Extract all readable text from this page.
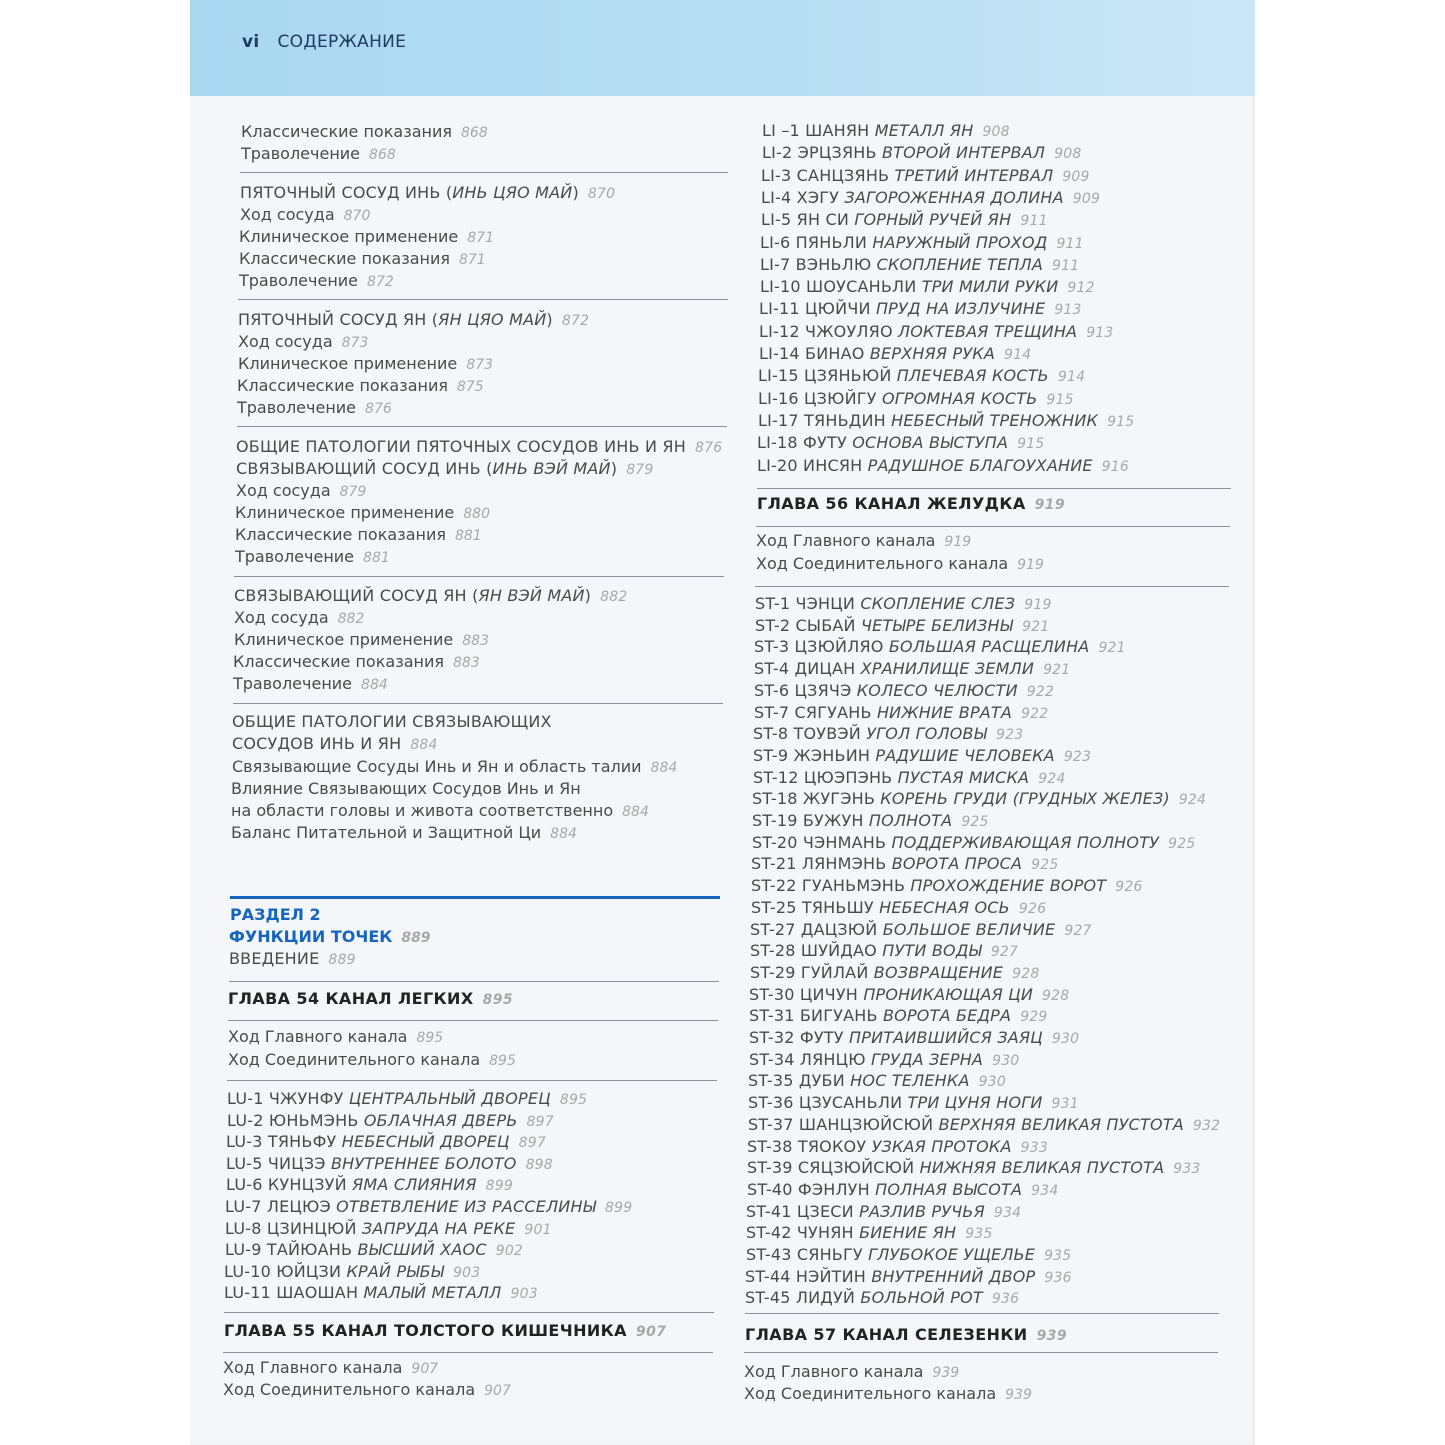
vi СОДЕРЖАНИЕ
Классические показания 868
Траволечение 868
ПЯТОЧНЫЙ СОСУД ИНЬ (ИНЬ ЦЯО МАЙ) 870
Ход сосуда 870
Клиническое применение 871
Классические показания 871
Траволечение 872
ПЯТОЧНЫЙ СОСУД ЯН (ЯН ЦЯО МАЙ) 872
Ход сосуда 873
Клиническое применение 873
Классические показания 875
Траволечение 876
ОБЩИЕ ПАТОЛОГИИ ПЯТОЧНЫХ СОСУДОВ ИНЬ И ЯН 876
СВЯЗЫВАЮЩИЙ СОСУД ИНЬ (ИНЬ ВЭЙ МАЙ) 879
Ход сосуда 879
Клиническое применение 880
Классические показания 881
Траволечение 881
СВЯЗЫВАЮЩИЙ СОСУД ЯН (ЯН ВЭЙ МАЙ) 882
Ход сосуда 882
Клиническое применение 883
Классические показания 883
Траволечение 884
ОБЩИЕ ПАТОЛОГИИ СВЯЗЫВАЮЩИХ
СОСУДОВ ИНЬ И ЯН 884
Связывающие Сосуды Инь и Ян и область талии 884
Влияние Связывающих Сосудов Инь и Ян
на области головы и живота соответственно 884
Баланс Питательной и Защитной Ци 884
РАЗДЕЛ 2
ФУНКЦИИ ТОЧЕК 889
ВВЕДЕНИЕ 889
ГЛАВА 54 КАНАЛ ЛЕГКИХ 895
Ход Главного канала 895
Ход Соединительного канала 895
LU-1 ЧЖУНФУ ЦЕНТРАЛЬНЫЙ ДВОРЕЦ 895
LU-2 ЮНЬМЭНЬ ОБЛАЧНАЯ ДВЕРЬ 897
LU-3 ТЯНЬФУ НЕБЕСНЫЙ ДВОРЕЦ 897
LU-5 ЧИЦЗЭ ВНУТРЕННЕЕ БОЛОТО 898
LU-6 КУНЦЗУЙ ЯМА СЛИЯНИЯ 899
LU-7 ЛЕЦЮЭ ОТВЕТВЛЕНИЕ ИЗ РАССЕЛИНЫ 899
LU-8 ЦЗИНЦЮЙ ЗАПРУДА НА РЕКЕ 901
LU-9 ТАЙЮАНЬ ВЫСШИЙ ХАОС 902
LU-10 ЮЙЦЗИ КРАЙ РЫБЫ 903
LU-11 ШАОШАН МАЛЫЙ МЕТАЛЛ 903
ГЛАВА 55 КАНАЛ ТОЛСТОГО КИШЕЧНИКА 907
Ход Главного канала 907
Ход Соединительного канала 907
LI –1 ШАНЯН МЕТАЛЛ ЯН 908
LI-2 ЭРЦЗЯНЬ ВТОРОЙ ИНТЕРВАЛ 908
LI-3 САНЦЗЯНЬ ТРЕТИЙ ИНТЕРВАЛ 909
LI-4 ХЭГУ ЗАГОРОЖЕННАЯ ДОЛИНА 909
LI-5 ЯН СИ ГОРНЫЙ РУЧЕЙ ЯН 911
LI-6 ПЯНЬЛИ НАРУЖНЫЙ ПРОХОД 911
LI-7 ВЭНЬЛЮ СКОПЛЕНИЕ ТЕПЛА 911
LI-10 ШОУСАНЬЛИ ТРИ МИЛИ РУКИ 912
LI-11 ЦЮЙЧИ ПРУД НА ИЗЛУЧИНЕ 913
LI-12 ЧЖОУЛЯО ЛОКТЕВАЯ ТРЕЩИНА 913
LI-14 БИНАО ВЕРХНЯЯ РУКА 914
LI-15 ЦЗЯНЬЮЙ ПЛЕЧЕВАЯ КОСТЬ 914
LI-16 ЦЗЮЙГУ ОГРОМНАЯ КОСТЬ 915
LI-17 ТЯНЬДИН НЕБЕСНЫЙ ТРЕНОЖНИК 915
LI-18 ФУТУ ОСНОВА ВЫСТУПА 915
LI-20 ИНСЯН РАДУШНОЕ БЛАГОУХАНИЕ 916
ГЛАВА 56 КАНАЛ ЖЕЛУДКА 919
Ход Главного канала 919
Ход Соединительного канала 919
ST-1 ЧЭНЦИ СКОПЛЕНИЕ СЛЕЗ 919
ST-2 СЫБАЙ ЧЕТЫРЕ БЕЛИЗНЫ 921
ST-3 ЦЗЮЙЛЯО БОЛЬШАЯ РАСЩЕЛИНА 921
ST-4 ДИЦАН ХРАНИЛИЩЕ ЗЕМЛИ 921
ST-6 ЦЗЯЧЭ КОЛЕСО ЧЕЛЮСТИ 922
ST-7 СЯГУАНЬ НИЖНИЕ ВРАТА 922
ST-8 ТОУВЭЙ УГОЛ ГОЛОВЫ 923
ST-9 ЖЭНЬИН РАДУШИЕ ЧЕЛОВЕКА 923
ST-12 ЦЮЭПЭНЬ ПУСТАЯ МИСКА 924
ST-18 ЖУГЭНЬ КОРЕНЬ ГРУДИ (ГРУДНЫХ ЖЕЛЕЗ) 924
ST-19 БУЖУН ПОЛНОТА 925
ST-20 ЧЭНМАНЬ ПОДДЕРЖИВАЮЩАЯ ПОЛНОТУ 925
ST-21 ЛЯНМЭНЬ ВОРОТА ПРОСА 925
ST-22 ГУАНЬМЭНЬ ПРОХОЖДЕНИЕ ВОРОТ 926
ST-25 ТЯНЬШУ НЕБЕСНАЯ ОСЬ 926
ST-27 ДАЦЗЮЙ БОЛЬШОЕ ВЕЛИЧИЕ 927
ST-28 ШУЙДАО ПУТИ ВОДЫ 927
ST-29 ГУЙЛАЙ ВОЗВРАЩЕНИЕ 928
ST-30 ЦИЧУН ПРОНИКАЮЩАЯ ЦИ 928
ST-31 БИГУАНЬ ВОРОТА БЕДРА 929
ST-32 ФУТУ ПРИТАИВШИЙСЯ ЗАЯЦ 930
ST-34 ЛЯНЦЮ ГРУДА ЗЕРНА 930
ST-35 ДУБИ НОС ТЕЛЕНКА 930
ST-36 ЦЗУСАНЬЛИ ТРИ ЦУНЯ НОГИ 931
ST-37 ШАНЦЗЮЙСЮЙ ВЕРХНЯЯ ВЕЛИКАЯ ПУСТОТА 932
ST-38 ТЯОКОУ УЗКАЯ ПРОТОКА 933
ST-39 СЯЦЗЮЙСЮЙ НИЖНЯЯ ВЕЛИКАЯ ПУСТОТА 933
ST-40 ФЭНЛУН ПОЛНАЯ ВЫСОТА 934
ST-41 ЦЗЕСИ РАЗЛИВ РУЧЬЯ 934
ST-42 ЧУНЯН БИЕНИЕ ЯН 935
ST-43 СЯНЬГУ ГЛУБОКОЕ УЩЕЛЬЕ 935
ST-44 НЭЙТИН ВНУТРЕННИЙ ДВОР 936
ST-45 ЛИДУЙ БОЛЬНОЙ РОТ 936
ГЛАВА 57 КАНАЛ СЕЛЕЗЕНКИ 939
Ход Главного канала 939
Ход Соединительного канала 939
